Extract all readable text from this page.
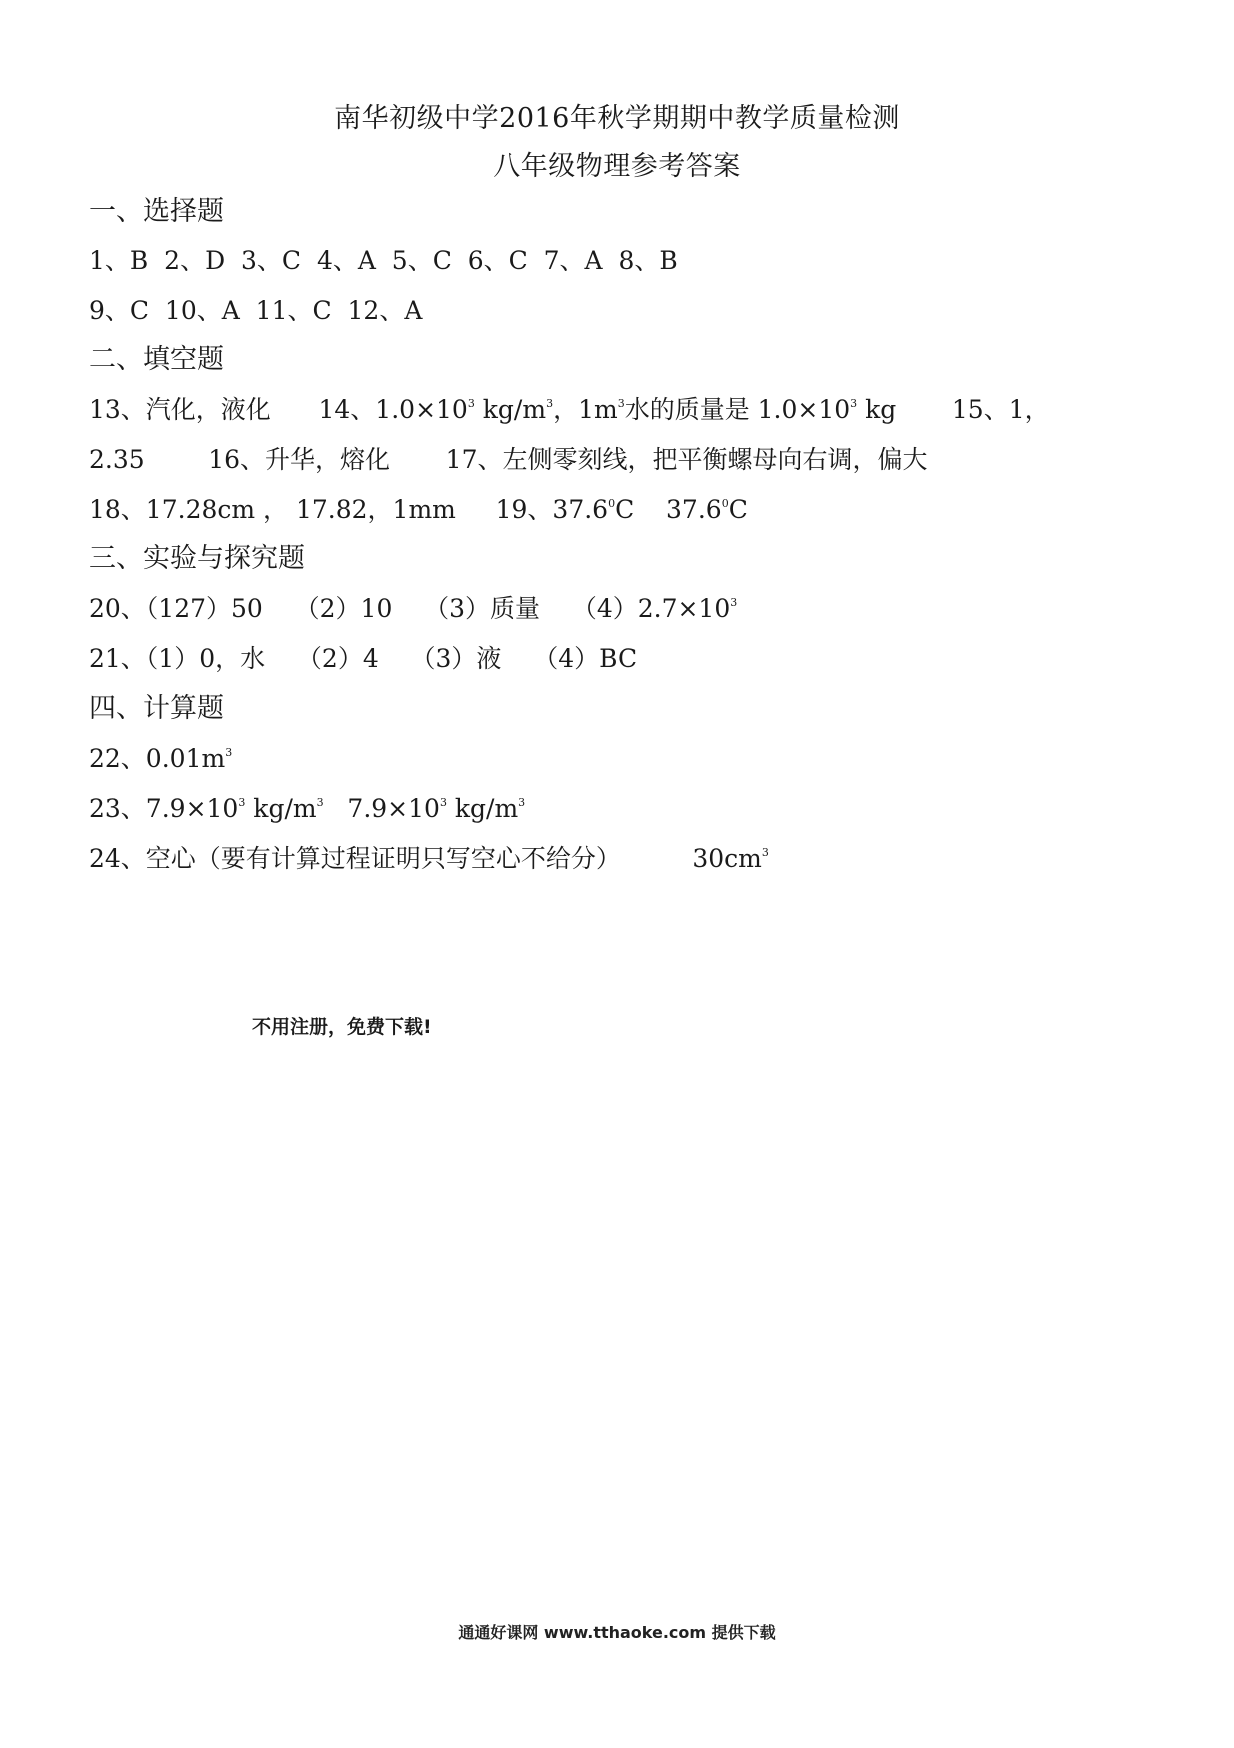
南华初级中学2016年秋学期期中教学质量检测
八年级物理参考答案
一、选择题
1、B  2、D  3、C  4、A  5、C  6、C  7、A  8、B
9、C  10、A  11、C  12、A
二、填空题
13、汽化，液化      14、$1.0\times 10^3$ $kg/m^3$，$1m^3$水的质量是 $1.0\times 10^3$ kg       15、1，
2.35        16、升华，熔化       17、左侧零刻线，把平衡螺母向右调，偏大
18、17.28cm ， 17.82，1mm     19、37.6$^0$C    37.6$^0$C
三、实验与探究题
20、（127）50    （2）10    （3）质量    $(4)2.7\times 10^3$
21、（1）0，水    （2）4    （3）液    （4）BC
四、计算题
22、$0.01m^3$
23、$7.9\times 10^3$ $kg/m^3$   $7.9\times 10^3$ $kg/m^3$
24、空心（要有计算过程证明只写空心不给分）         $30cm^3$
不用注册，免费下载!
通通好课网 www.tthaoke.com 提供下载
